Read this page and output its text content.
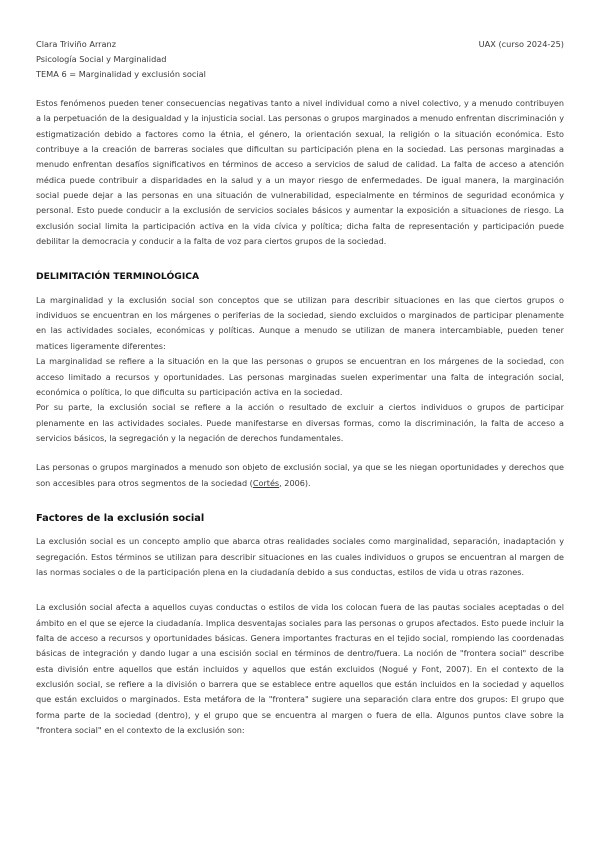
Clara Triviño Arranz	UAX (curso 2024-25)
Psicología Social y Marginalidad
TEMA 6 = Marginalidad y exclusión social

Estos fenómenos pueden tener consecuencias negativas tanto a nivel individual como a nivel colectivo, y a menudo contribuyen a la perpetuación de la desigualdad y la injusticia social. Las personas o grupos marginados a menudo enfrentan discriminación y estigmatización debido a factores como la étnia, el género, la orientación sexual, la religión o la situación económica. Esto contribuye a la creación de barreras sociales que dificultan su participación plena en la sociedad. Las personas marginadas a menudo enfrentan desafíos significativos en términos de acceso a servicios de salud de calidad. La falta de acceso a atención médica puede contribuir a disparidades en la salud y a un mayor riesgo de enfermedades. De igual manera, la marginación social puede dejar a las personas en una situación de vulnerabilidad, especialmente en términos de seguridad económica y personal. Esto puede conducir a la exclusión de servicios sociales básicos y aumentar la exposición a situaciones de riesgo. La exclusión social limita la participación activa en la vida cívica y política; dicha falta de representación y participación puede debilitar la democracia y conducir a la falta de voz para ciertos grupos de la sociedad.

DELIMITACIÓN TERMINOLÓGICA

La marginalidad y la exclusión social son conceptos que se utilizan para describir situaciones en las que ciertos grupos o individuos se encuentran en los márgenes o periferias de la sociedad, siendo excluidos o marginados de participar plenamente en las actividades sociales, económicas y políticas. Aunque a menudo se utilizan de manera intercambiable, pueden tener matices ligeramente diferentes:

La marginalidad se refiere a la situación en la que las personas o grupos se encuentran en los márgenes de la sociedad, con acceso limitado a recursos y oportunidades. Las personas marginadas suelen experimentar una falta de integración social, económica o política, lo que dificulta su participación activa en la sociedad.

Por su parte, la exclusión social se refiere a la acción o resultado de excluir a ciertos individuos o grupos de participar plenamente en las actividades sociales. Puede manifestarse en diversas formas, como la discriminación, la falta de acceso a servicios básicos, la segregación y la negación de derechos fundamentales.

Las personas o grupos marginados a menudo son objeto de exclusión social, ya que se les niegan oportunidades y derechos que son accesibles para otros segmentos de la sociedad (Cortés, 2006).

Factores de la exclusión social

La exclusión social es un concepto amplio que abarca otras realidades sociales como marginalidad, separación, inadaptación y segregación. Estos términos se utilizan para describir situaciones en las cuales individuos o grupos se encuentran al margen de las normas sociales o de la participación plena en la ciudadanía debido a sus conductas, estilos de vida u otras razones.

La exclusión social afecta a aquellos cuyas conductas o estilos de vida los colocan fuera de las pautas sociales aceptadas o del ámbito en el que se ejerce la ciudadanía. Implica desventajas sociales para las personas o grupos afectados. Esto puede incluir la falta de acceso a recursos y oportunidades básicas. Genera importantes fracturas en el tejido social, rompiendo las coordenadas básicas de integración y dando lugar a una escisión social en términos de dentro/fuera. La noción de "frontera social" describe esta división entre aquellos que están incluidos y aquellos que están excluidos (Nogué y Font, 2007). En el contexto de la exclusión social, se refiere a la división o barrera que se establece entre aquellos que están incluidos en la sociedad y aquellos que están excluidos o marginados. Esta metáfora de la "frontera" sugiere una separación clara entre dos grupos: El grupo que forma parte de la sociedad (dentro), y el grupo que se encuentra al margen o fuera de ella. Algunos puntos clave sobre la "frontera social" en el contexto de la exclusión son:
